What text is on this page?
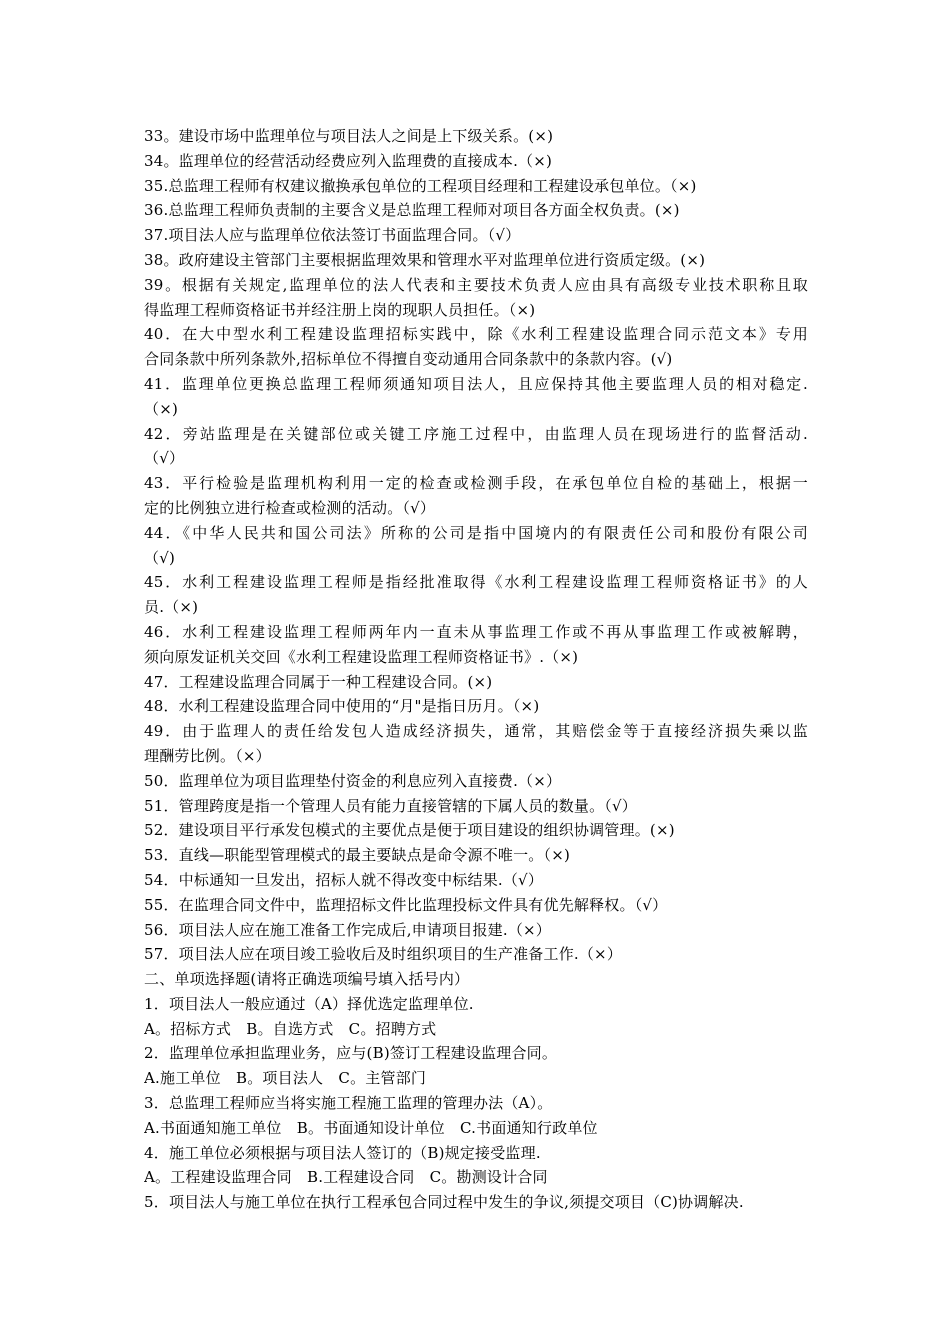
33。建设市场中监理单位与项目法人之间是上下级关系。(×)
34。监理单位的经营活动经费应列入监理费的直接成本.（×)
35.总监理工程师有权建议撤换承包单位的工程项目经理和工程建设承包单位。（×)
36.总监理工程师负责制的主要含义是总监理工程师对项目各方面全权负责。(×)
37.项目法人应与监理单位依法签订书面监理合同。（√）
38。政府建设主管部门主要根据监理效果和管理水平对监理单位进行资质定级。(×)
39。根据有关规定,监理单位的法人代表和主要技术负责人应由具有高级专业技术职称且取
得监理工程师资格证书并经注册上岗的现职人员担任。（×)
40．在大中型水利工程建设监理招标实践中，除《水利工程建设监理合同示范文本》专用
合同条款中所列条款外,招标单位不得擅自变动通用合同条款中的条款内容。(√)
41．监理单位更换总监理工程师须通知项目法人，且应保持其他主要监理人员的相对稳定.
（×)
42．旁站监理是在关键部位或关键工序施工过程中，由监理人员在现场进行的监督活动.
（√）
43．平行检验是监理机构利用一定的检查或检测手段，在承包单位自检的基础上，根据一
定的比例独立进行检查或检测的活动。（√）
44．《中华人民共和国公司法》所称的公司是指中国境内的有限责任公司和股份有限公司
（√)
45．水利工程建设监理工程师是指经批准取得《水利工程建设监理工程师资格证书》的人
员.（×)
46．水利工程建设监理工程师两年内一直未从事监理工作或不再从事监理工作或被解聘，
须向原发证机关交回《水利工程建设监理工程师资格证书》.（×)
47．工程建设监理合同属于一种工程建设合同。(×)
48．水利工程建设监理合同中使用的“月"是指日历月。（×)
49．由于监理人的责任给发包人造成经济损失，通常，其赔偿金等于直接经济损失乘以监
理酬劳比例。（×）
50．监理单位为项目监理垫付资金的利息应列入直接费.（×）
51．管理跨度是指一个管理人员有能力直接管辖的下属人员的数量。（√）
52．建设项目平行承发包模式的主要优点是便于项目建设的组织协调管理。(×)
53．直线—职能型管理模式的最主要缺点是命令源不唯一。（×)
54．中标通知一旦发出，招标人就不得改变中标结果.（√）
55．在监理合同文件中，监理招标文件比监理投标文件具有优先解释权。（√）
56．项目法人应在施工准备工作完成后,申请项目报建.（×）
57．项目法人应在项目竣工验收后及时组织项目的生产准备工作.（×）
二、单项选择题(请将正确选项编号填入括号内）
1．项目法人一般应通过（A）择优选定监理单位.
A。招标方式　B。自选方式　C。招聘方式
2．监理单位承担监理业务，应与(B)签订工程建设监理合同。
A.施工单位　B。项目法人　C。主管部门
3．总监理工程师应当将实施工程施工监理的管理办法（A）。
A.书面通知施工单位　B。书面通知设计单位　C.书面通知行政单位
4．施工单位必须根据与项目法人签订的（B)规定接受监理.
A。工程建设监理合同　B.工程建设合同　C。勘测设计合同
5．项目法人与施工单位在执行工程承包合同过程中发生的争议,须提交项目（C)协调解决.
